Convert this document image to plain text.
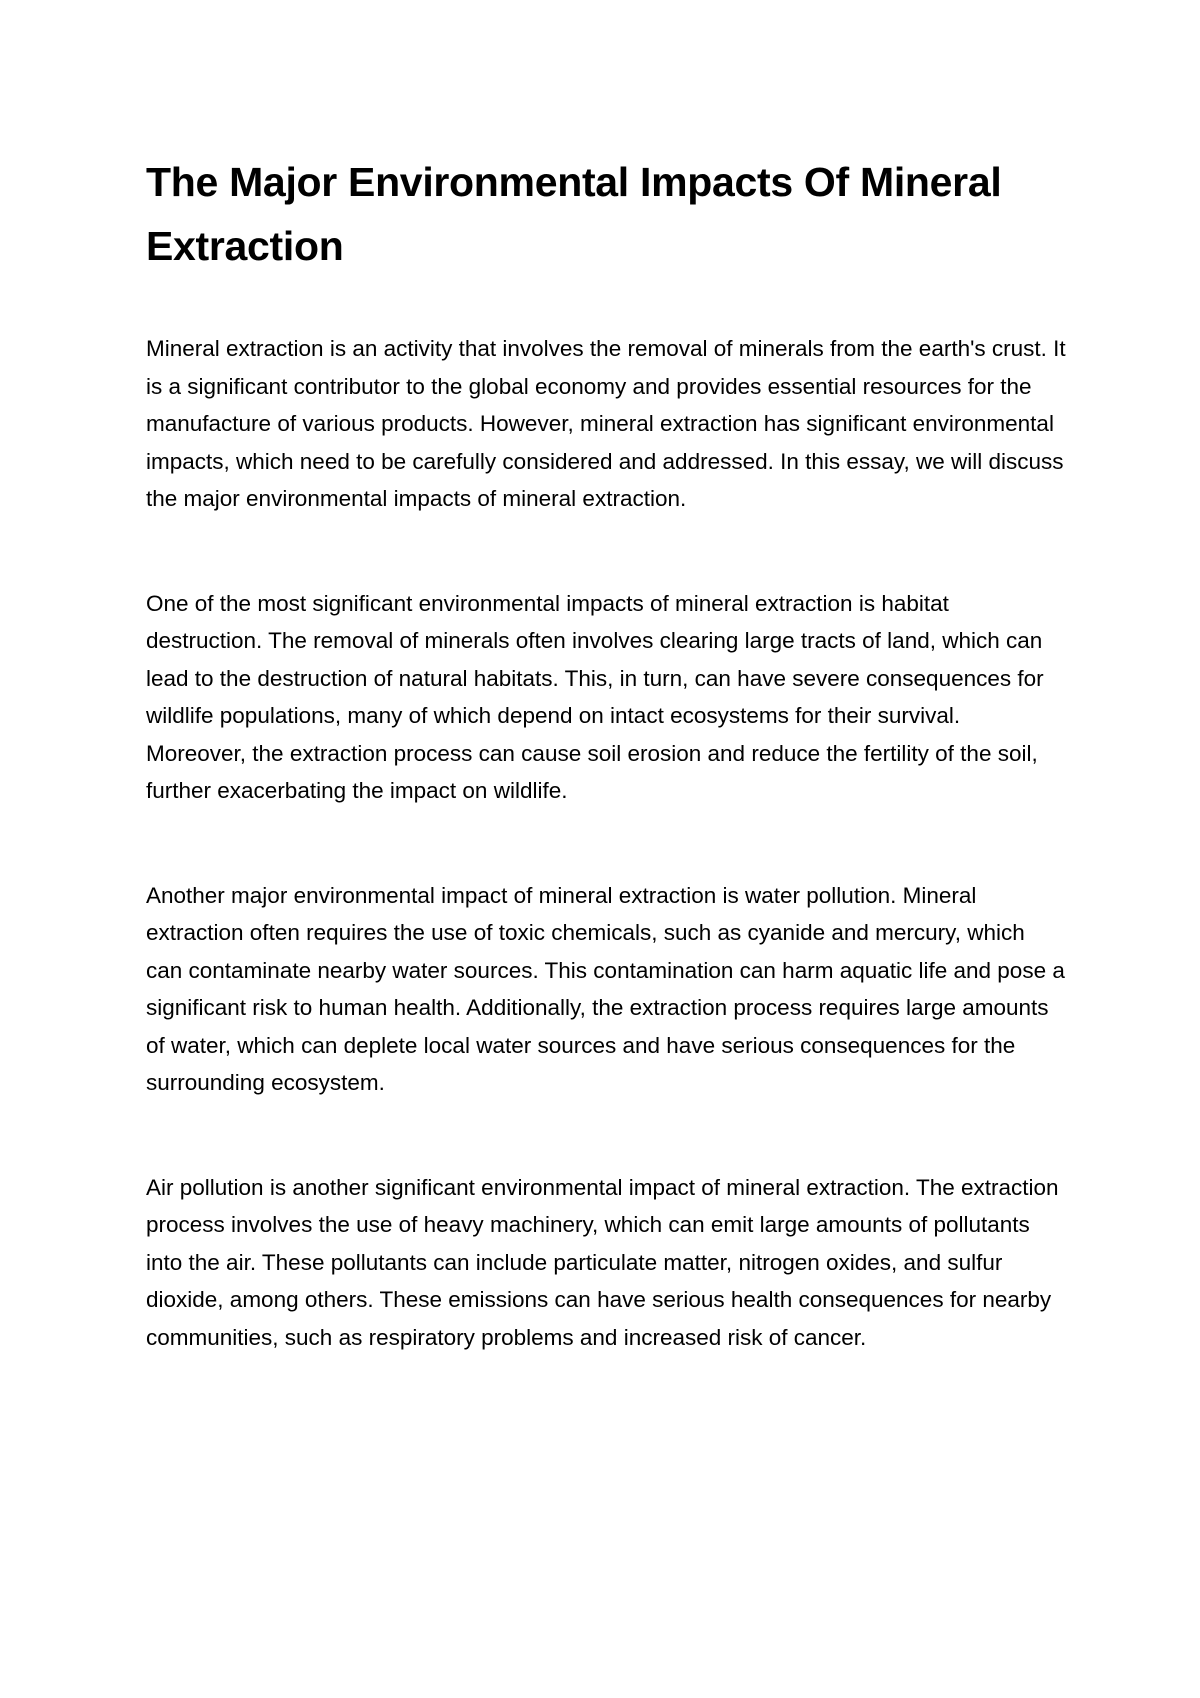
The Major Environmental Impacts Of Mineral Extraction

Mineral extraction is an activity that involves the removal of minerals from the earth's crust. It is a significant contributor to the global economy and provides essential resources for the manufacture of various products. However, mineral extraction has significant environmental impacts, which need to be carefully considered and addressed. In this essay, we will discuss the major environmental impacts of mineral extraction.

One of the most significant environmental impacts of mineral extraction is habitat destruction. The removal of minerals often involves clearing large tracts of land, which can lead to the destruction of natural habitats. This, in turn, can have severe consequences for wildlife populations, many of which depend on intact ecosystems for their survival. Moreover, the extraction process can cause soil erosion and reduce the fertility of the soil, further exacerbating the impact on wildlife.

Another major environmental impact of mineral extraction is water pollution. Mineral extraction often requires the use of toxic chemicals, such as cyanide and mercury, which can contaminate nearby water sources. This contamination can harm aquatic life and pose a significant risk to human health. Additionally, the extraction process requires large amounts of water, which can deplete local water sources and have serious consequences for the surrounding ecosystem.

Air pollution is another significant environmental impact of mineral extraction. The extraction process involves the use of heavy machinery, which can emit large amounts of pollutants into the air. These pollutants can include particulate matter, nitrogen oxides, and sulfur dioxide, among others. These emissions can have serious health consequences for nearby communities, such as respiratory problems and increased risk of cancer.
